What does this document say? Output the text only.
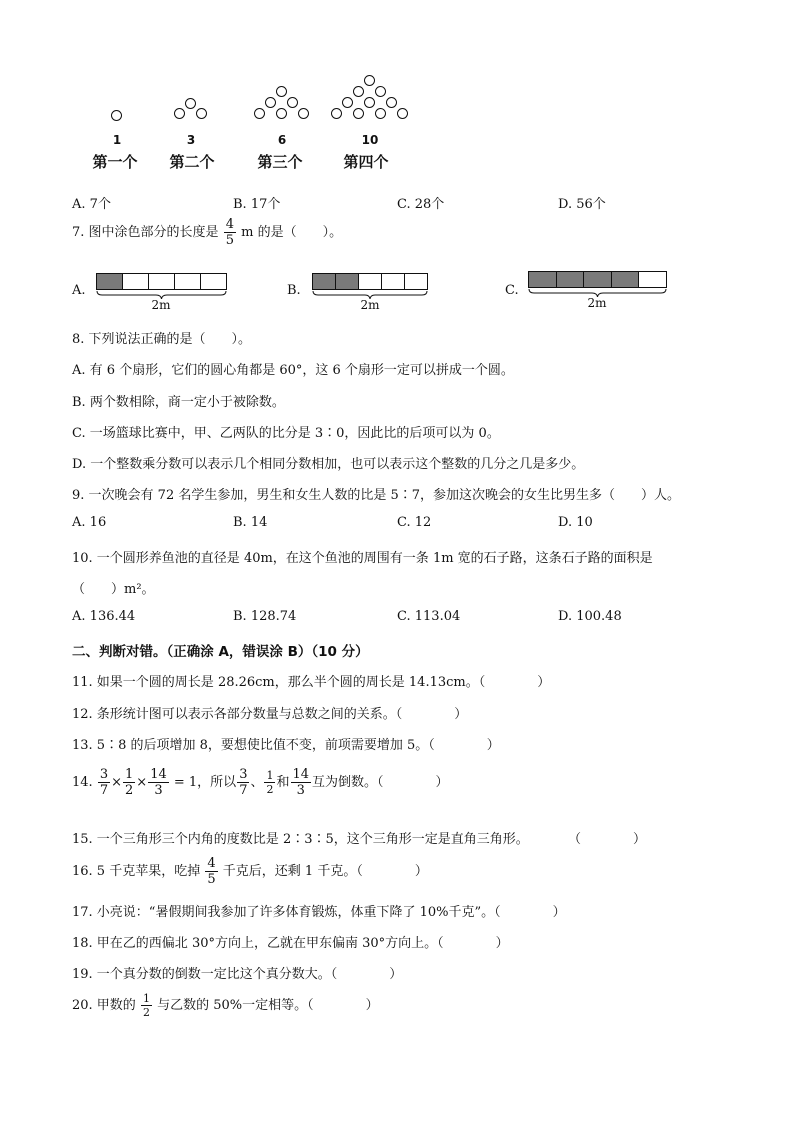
1	3	6	10
第一个 第二个	第三个	第四个
A. 7个	B. 17个	C. 28个	D. 56个
7. 图中涂色部分的长度是 $\frac{4}{5}$ m 的是（　　）。
A.
2m
B.
2m
C.
2m
8. 下列说法正确的是（　　）。
A. 有 6 个扇形，它们的圆心角都是 60°，这 6 个扇形一定可以拼成一个圆。
B. 两个数相除，商一定小于被除数。
C. 一场篮球比赛中，甲、乙两队的比分是 3∶0，因此比的后项可以为 0。
D. 一个整数乘分数可以表示几个相同分数相加，也可以表示这个整数的几分之几是多少。
9. 一次晚会有 72 名学生参加，男生和女生人数的比是 5∶7，参加这次晚会的女生比男生多（　　）人。
A. 16	B. 14	C. 12	D. 10
10. 一个圆形养鱼池的直径是 40m，在这个鱼池的周围有一条 1m 宽的石子路，这条石子路的面积是
（　　）m²。
A. 136.44	B. 128.74	C. 113.04	D. 100.48
二、判断对错。（正确涂 A，错误涂 B）（10 分）
11. 如果一个圆的周长是 28.26cm，那么半个圆的周长是 14.13cm。（　　　　）
12. 条形统计图可以表示各部分数量与总数之间的关系。（　　　　）
13. 5∶8 的后项增加 8，要想使比值不变，前项需要增加 5。（　　　　）
14. $\frac{3}{7} \times \frac{1}{2} \times \frac{14}{3} = 1$，所以 $\frac{3}{7}$ 、 $\frac{1}{2}$ 和 $\frac{14}{3}$ 互为倒数。（　　　　）
15. 一个三角形三个内角的度数比是 2∶3∶5，这个三角形一定是直角三角形。	（　　　　）
16. 5 千克苹果，吃掉 $\frac{4}{5}$ 千克后，还剩 1 千克。（　　　　）
17. 小亮说：“暑假期间我参加了许多体育锻炼，体重下降了 10%千克”。（　　　　）
18. 甲在乙的西偏北 30°方向上，乙就在甲东偏南 30°方向上。（　　　　）
19. 一个真分数的倒数一定比这个真分数大。（　　　　）
20. 甲数的 $\frac{1}{2}$ 与乙数的 50%一定相等。（　　　　）
